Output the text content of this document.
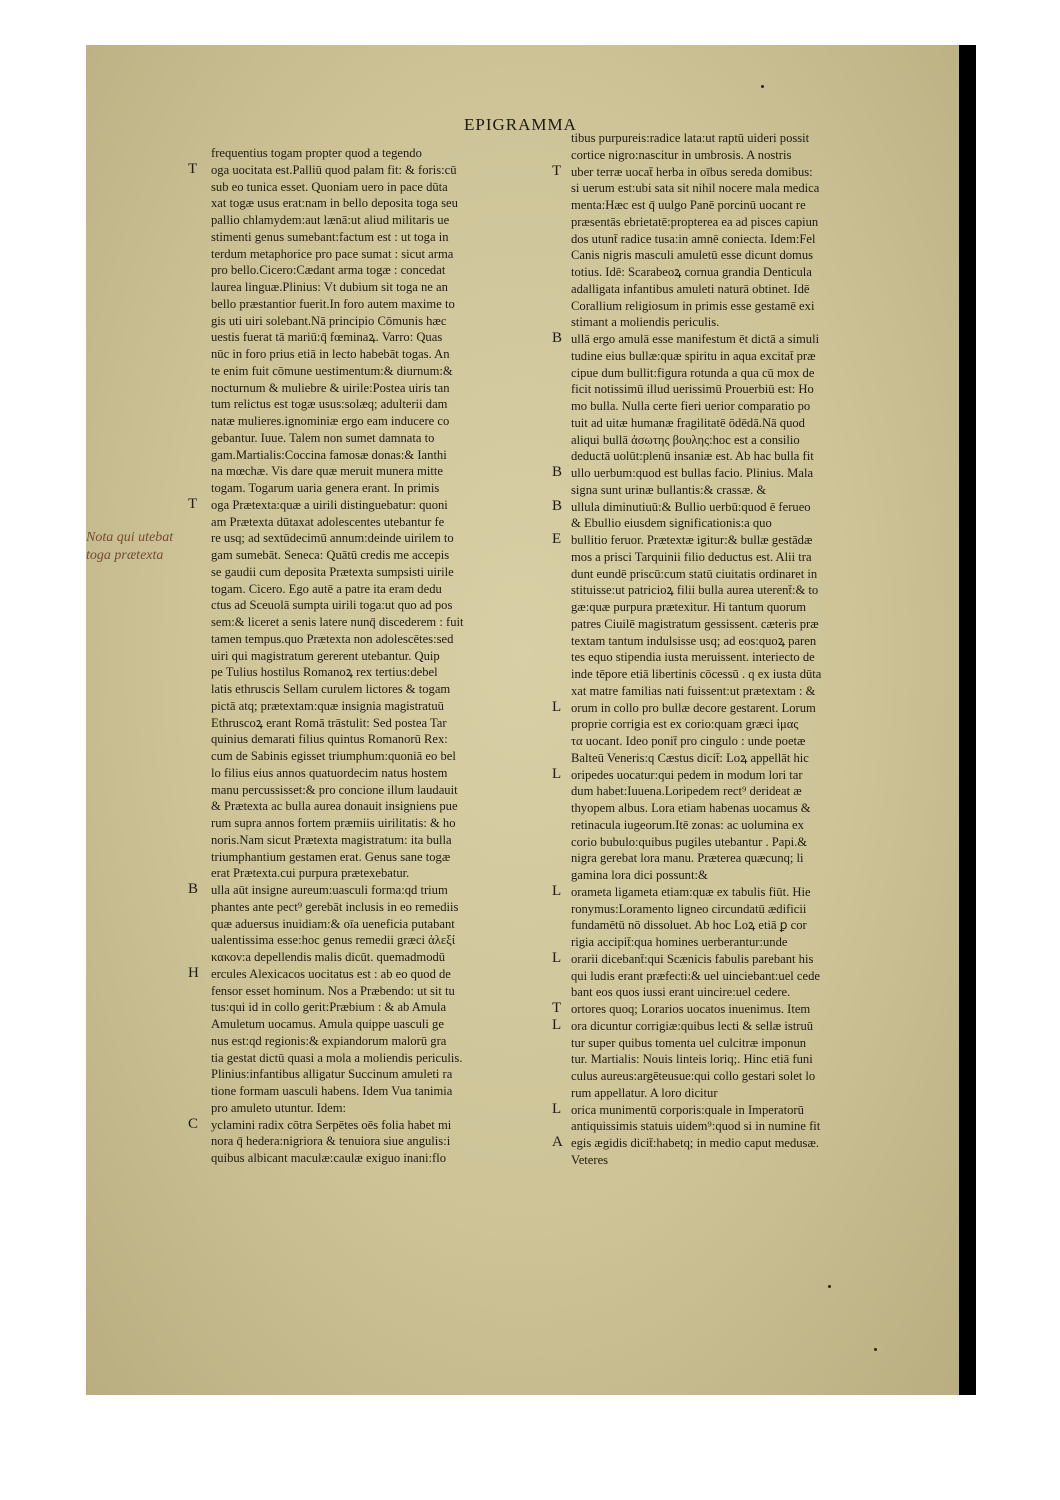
EPIGRAMMA
Nota qui utebat
toga prætexta
T
T
B
H
C
frequentius togam propter quod a tegendo
oga uocitata est.Palliū quod palam fit: & foris:cū
sub eo tunica esset. Quoniam uero in pace dūta
xat togæ usus erat:nam in bello deposita toga seu
pallio chlamydem:aut lænā:ut aliud militaris ue
stimenti genus sumebant:factum est : ut toga in
terdum metaphorice pro pace sumat : sicut arma
pro bello.Cicero:Cædant arma togæ : concedat
laurea linguæ.Plinius: Vt dubium sit toga ne an
bello præstantior fuerit.In foro autem maxime to
gis uti uiri solebant.Nā principio Cōmunis hæc
uestis fuerat tā mariū:q̄ fœminaꝝ. Varro: Quas
nūc in foro prius etiā in lecto habebāt togas. An
te enim fuit cōmune uestimentum:& diurnum:&
nocturnum & muliebre & uirile:Postea uiris tan
tum relictus est togæ usus:solæq; adulterii dam
natæ mulieres.ignominiæ ergo eam inducere co
gebantur. Iuue. Talem non sumet damnata to
gam.Martialis:Coccina famosæ donas:& Ianthi
na mœchæ. Vis dare quæ meruit munera mitte
togam. Togarum uaria genera erant. In primis
oga Prætexta:quæ a uirili distinguebatur: quoni
am Prætexta dūtaxat adolescentes utebantur fe
re usq; ad sextūdecimū annum:deinde uirilem to
gam sumebāt. Seneca: Quātū credis me accepis
se gaudii cum deposita Prætexta sumpsisti uirile
togam. Cicero. Ego autē a patre ita eram dedu
ctus ad Sceuolā sumpta uirili toga:ut quo ad pos
sem:& liceret a senis latere nunq̄ discederem : fuit
tamen tempus.quo Prætexta non adolescētes:sed
uiri qui magistratum gererent utebantur. Quip
pe Tulius hostilus Romanoꝝ rex tertius:debel
latis ethruscis Sellam curulem lictores & togam
pictā atq; prætextam:quæ insignia magistratuū
Ethruscoꝝ erant Romā trāstulit: Sed postea Tar
quinius demarati filius quintus Romanorū Rex:
cum de Sabinis egisset triumphum:quoniā eo bel
lo filius eius annos quatuordecim natus hostem
manu percussisset:& pro concione illum laudauit
& Prætexta ac bulla aurea donauit insigniens pue
rum supra annos fortem præmiis uirilitatis: & ho
noris.Nam sicut Prætexta magistratum: ita bulla
triumphantium gestamen erat. Genus sane togæ
erat Prætexta.cui purpura prætexebatur.
ulla aūt insigne aureum:uasculi forma:qd trium
phantes ante pect⁹ gerebāt inclusis in eo remediis
quæ aduersus inuidiam:& oīa ueneficia putabant
ualentissima esse:hoc genus remedii græci ἀλεξί
κακον:a depellendis malis dicūt. quemadmodū
ercules Alexicacos uocitatus est : ab eo quod de
fensor esset hominum. Nos a Præbendo: ut sit tu
tus:qui id in collo gerit:Præbium : & ab Amula
Amuletum uocamus. Amula quippe uasculi ge
nus est:qd regionis:& expiandorum malorū gra
tia gestat dictū quasi a mola a moliendis periculis.
Plinius:infantibus alligatur Succinum amuleti ra
tione formam uasculi habens. Idem Vua tanimia
pro amuleto utuntur. Idem:
yclamini radix cōtra Serpētes oēs folia habet mi
nora q̄ hedera:nigriora & tenuiora siue angulis:i
quibus albicant maculæ:caulæ exiguo inani:flo
T
B
B
B
E
L
L
L
L
T
L
L
A
tibus purpureis:radice lata:ut raptū uideri possit
cortice nigro:nascitur in umbrosis. A nostris
uber terræ uocat̄ herba in oībus sereda domibus:
si uerum est:ubi sata sit nihil nocere mala medica
menta:Hæc est q̄ uulgo Panē porcinū uocant re
præsentās ebrietatē:propterea ea ad pisces capiun
dos utunt̄ radice tusa:in amnē coniecta. Idem:Fel
Canis nigris masculi amuletū esse dicunt domus
totius. Idē: Scarabeoꝝ cornua grandia Denticula
adalligata infantibus amuleti naturā obtinet. Idē
Corallium religiosum in primis esse gestamē exi
stimant a moliendis periculis.
ullā ergo amulā esse manifestum ēt dictā a simuli
tudine eius bullæ:quæ spiritu in aqua excitat̄ præ
cipue dum bullit:figura rotunda a qua cū mox de
ficit notissimū illud uerissimū Prouerbiū est: Ho
mo bulla. Nulla certe fieri uerior comparatio po
tuit ad uitæ humanæ fragilitatē ōdēdā.Nā quod
aliqui bullā ἀσωτης βουλης:hoc est a consilio
deductā uolūt:plenū insaniæ est. Ab hac bulla fit
ullo uerbum:quod est bullas facio. Plinius. Mala
signa sunt urinæ bullantis:& crassæ. &
ullula diminutiuū:& Bullio uerbū:quod ē ferueo
& Ebullio eiusdem significationis:a quo
bullitio feruor. Prætextæ igitur:& bullæ gestādæ
mos a prisci Tarquinii filio deductus est. Alii tra
dunt eundē priscū:cum statū ciuitatis ordinaret in
stituisse:ut patricioꝝ filii bulla aurea uterent̄:& to
gæ:quæ purpura prætexitur. Hi tantum quorum
patres Ciuilē magistratum gessissent. cæteris præ
textam tantum indulsisse usq; ad eos:quoꝝ paren
tes equo stipendia iusta meruissent. interiecto de
inde tēpore etiā libertinis cōcessū . q ex iusta dūta
xat matre familias nati fuissent:ut prætextam : &
orum in collo pro bullæ decore gestarent. Lorum
proprie corrigia est ex corio:quam græci ἱμας
τα uocant. Ideo ponit̄ pro cingulo : unde poetæ
Balteū Veneris:q Cæstus dicit̄: Loꝝ appellāt hic
oripedes uocatur:qui pedem in modum lori tar
dum habet:Iuuena.Loripedem rect⁹ derideat æ
thyopem albus. Lora etiam habenas uocamus &
retinacula iugeorum.Itē zonas: ac uolumina ex
corio bubulo:quibus pugiles utebantur . Papi.&
nigra gerebat lora manu. Præterea quæcunq; li
gamina lora dici possunt:&
orameta ligameta etiam:quæ ex tabulis fiūt. Hie
ronymus:Loramento ligneo circundatū ædificii
fundamētū nō dissoluet. Ab hoc Loꝝ etiā ꝑ cor
rigia accipit̄:qua homines uerberantur:unde
orarii dicebant̄:qui Scænicis fabulis parebant his
qui ludis erant præfecti:& uel uinciebant:uel cede
bant eos quos iussi erant uincire:uel cedere.
ortores quoq; Lorarios uocatos inuenimus. Item
ora dicuntur corrigiæ:quibus lecti & sellæ istruū
tur super quibus tomenta uel culcitræ imponun
tur. Martialis: Nouis linteis loriq;. Hinc etiā funi
culus aureus:argēteusue:qui collo gestari solet lo
rum appellatur. A loro dicitur
orica munimentū corporis:quale in Imperatorū
antiquissimis statuis uidem⁹:quod si in numine fit
egis ægidis dicit̄:habetq; in medio caput medusæ.
Veteres
